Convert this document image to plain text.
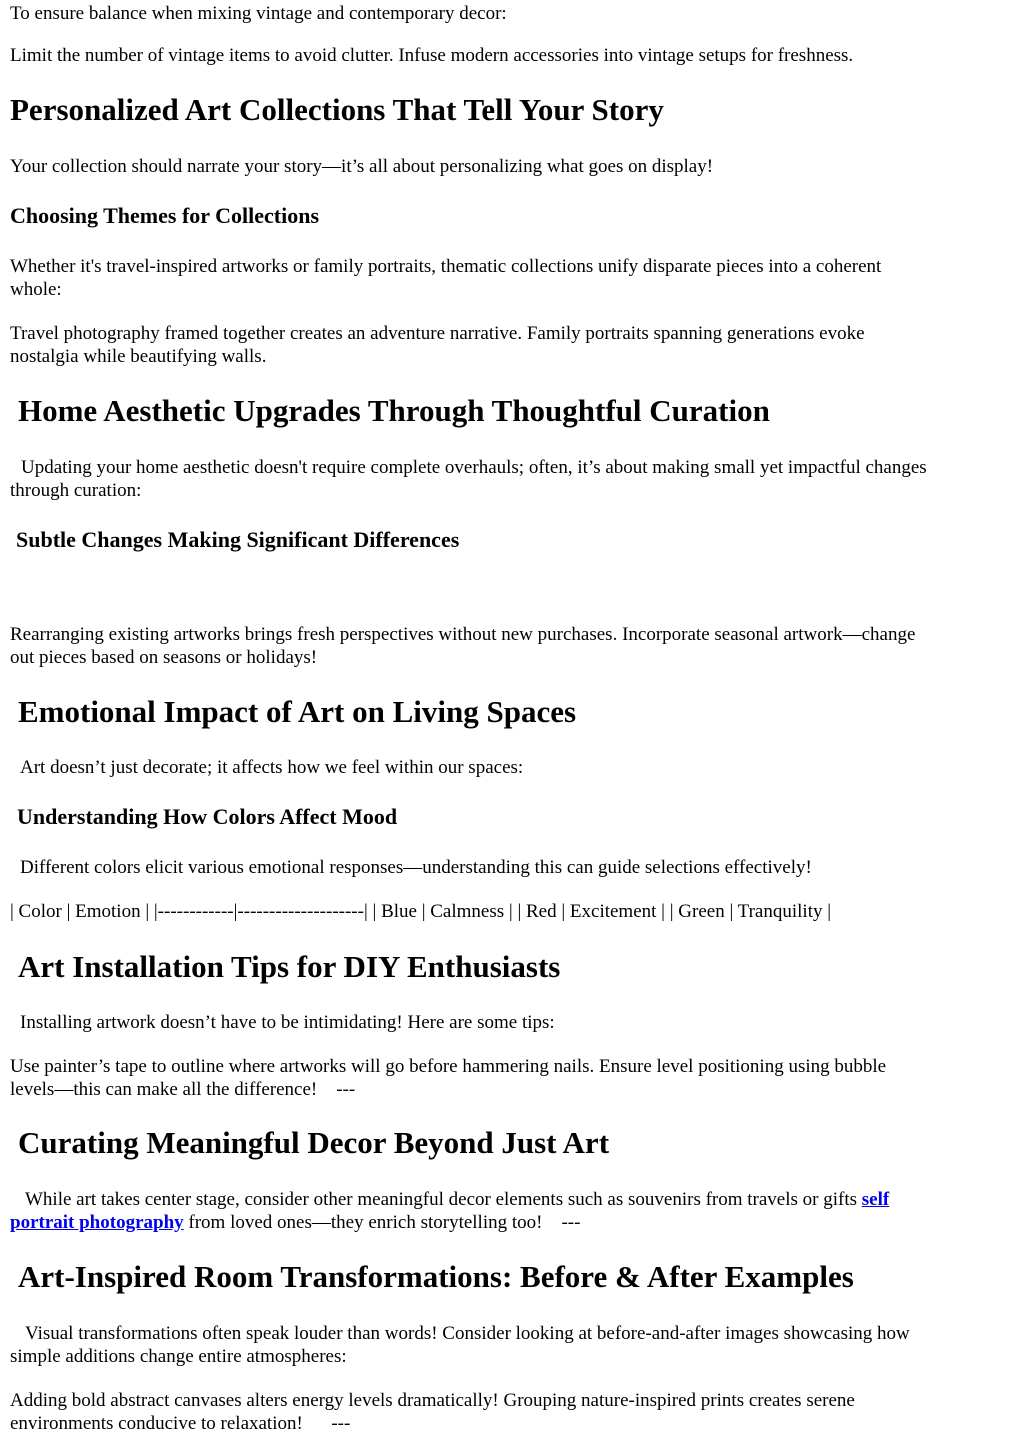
To ensure balance when mixing vintage and contemporary decor:

Limit the number of vintage items to avoid clutter. Infuse modern accessories into vintage setups for freshness.

Personalized Art Collections That Tell Your Story

Your collection should narrate your story—it’s all about personalizing what goes on display!

Choosing Themes for Collections

Whether it's travel-inspired artworks or family portraits, thematic collections unify disparate pieces into a coherent

whole:

Travel photography framed together creates an adventure narrative. Family portraits spanning generations evoke

nostalgia while beautifying walls.

Home Aesthetic Upgrades Through Thoughtful Curation

Updating your home aesthetic doesn't require complete overhauls; often, it’s about making small yet impactful changes

through curation:

Subtle Changes Making Significant Differences

Rearranging existing artworks brings fresh perspectives without new purchases. Incorporate seasonal artwork—change

out pieces based on seasons or holidays!

Emotional Impact of Art on Living Spaces

Art doesn’t just decorate; it affects how we feel within our spaces:

Understanding How Colors Affect Mood

Different colors elicit various emotional responses—understanding this can guide selections effectively!

| Color | Emotion | |------------|--------------------| | Blue | Calmness | | Red | Excitement | | Green | Tranquility |

Art Installation Tips for DIY Enthusiasts

Installing artwork doesn’t have to be intimidating! Here are some tips:

Use painter’s tape to outline where artworks will go before hammering nails. Ensure level positioning using bubble

levels—this can make all the difference!    ---

Curating Meaningful Decor Beyond Just Art

While art takes center stage, consider other meaningful decor elements such as souvenirs from travels or gifts self

portrait photography from loved ones—they enrich storytelling too!    ---

Art-Inspired Room Transformations: Before & After Examples

Visual transformations often speak louder than words! Consider looking at before-and-after images showcasing how

simple additions change entire atmospheres:

Adding bold abstract canvases alters energy levels dramatically! Grouping nature-inspired prints creates serene

environments conducive to relaxation!      ---
